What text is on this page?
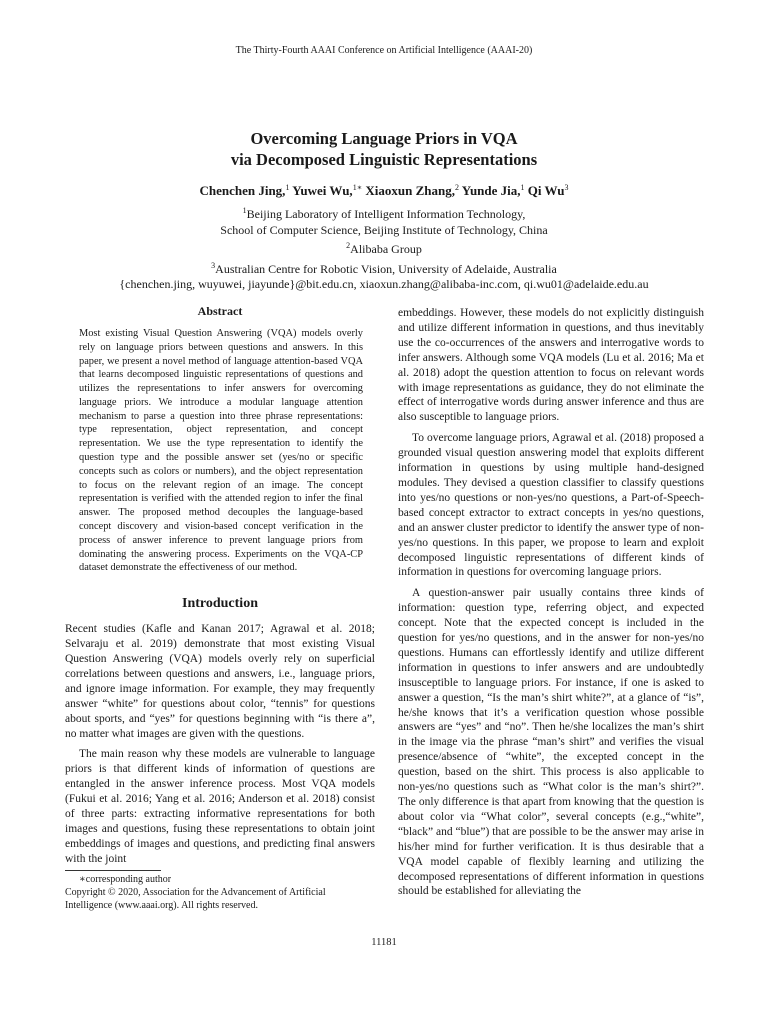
The Thirty-Fourth AAAI Conference on Artificial Intelligence (AAAI-20)
Overcoming Language Priors in VQA
via Decomposed Linguistic Representations
Chenchen Jing,$^1$ Yuwei Wu,$^{1∗}$ Xiaoxun Zhang,$^2$ Yunde Jia,$^1$ Qi Wu$^3$
$^1$Beijing Laboratory of Intelligent Information Technology,
School of Computer Science, Beijing Institute of Technology, China
$^2$Alibaba Group
$^3$Australian Centre for Robotic Vision, University of Adelaide, Australia
{chenchen.jing, wuyuwei, jiayunde}@bit.edu.cn, xiaoxun.zhang@alibaba-inc.com, qi.wu01@adelaide.edu.au
Abstract

Most existing Visual Question Answering (VQA) models overly rely on language priors between questions and answers. In this paper, we present a novel method of language attention-based VQA that learns decomposed linguistic representations of questions and utilizes the representations to infer answers for overcoming language priors. We introduce a modular language attention mechanism to parse a question into three phrase representations: type representation, object representation, and concept representation. We use the type representation to identify the question type and the possible answer set (yes/no or specific concepts such as colors or numbers), and the object representation to focus on the relevant region of an image. The concept representation is verified with the attended region to infer the final answer. The proposed method decouples the language-based concept discovery and vision-based concept verification in the process of answer inference to prevent language priors from dominating the answering process. Experiments on the VQA-CP dataset demonstrate the effectiveness of our method.

Introduction

Recent studies (Kafle and Kanan 2017; Agrawal et al. 2018; Selvaraju et al. 2019) demonstrate that most existing Visual Question Answering (VQA) models overly rely on superficial correlations between questions and answers, i.e., language priors, and ignore image information. For example, they may frequently answer “white” for questions about color, “tennis” for questions about sports, and “yes” for questions beginning with “is there a”, no matter what images are given with the questions.

The main reason why these models are vulnerable to language priors is that different kinds of information of questions are entangled in the answer inference process. Most VQA models (Fukui et al. 2016; Yang et al. 2016; Anderson et al. 2018) consist of three parts: extracting informative representations for both images and questions, fusing these representations to obtain joint embeddings of images and questions, and predicting final answers with the joint

∗corresponding author
Copyright © 2020, Association for the Advancement of Artificial Intelligence (www.aaai.org). All rights reserved.

embeddings. However, these models do not explicitly distinguish and utilize different information in questions, and thus inevitably use the co-occurrences of the answers and interrogative words to infer answers. Although some VQA models (Lu et al. 2016; Ma et al. 2018) adopt the question attention to focus on relevant words with image representations as guidance, they do not eliminate the effect of interrogative words during answer inference and thus are also susceptible to language priors.

To overcome language priors, Agrawal et al. (2018) proposed a grounded visual question answering model that exploits different information in questions by using multiple hand-designed modules. They devised a question classifier to classify questions into yes/no questions or non-yes/no questions, a Part-of-Speech-based concept extractor to extract concepts in yes/no questions, and an answer cluster predictor to identify the answer type of non-yes/no questions. In this paper, we propose to learn and exploit decomposed linguistic representations of different kinds of information in questions for overcoming language priors.

A question-answer pair usually contains three kinds of information: question type, referring object, and expected concept. Note that the expected concept is included in the question for yes/no questions, and in the answer for non-yes/no questions. Humans can effortlessly identify and utilize different information in questions to infer answers and are undoubtedly insusceptible to language priors. For instance, if one is asked to answer a question, “Is the man’s shirt white?”, at a glance of “is”, he/she knows that it’s a verification question whose possible answers are “yes” and “no”. Then he/she localizes the man’s shirt in the image via the phrase “man’s shirt” and verifies the visual presence/absence of “white”, the excepted concept in the question, based on the shirt. This process is also applicable to non-yes/no questions such as “What color is the man’s shirt?”. The only difference is that apart from knowing that the question is about color via “What color”, several concepts (e.g.,“white”, “black” and “blue”) that are possible to be the answer may arise in his/her mind for further verification. It is thus desirable that a VQA model capable of flexibly learning and utilizing the decomposed representations of different information in questions should be established for alleviating the

11181
